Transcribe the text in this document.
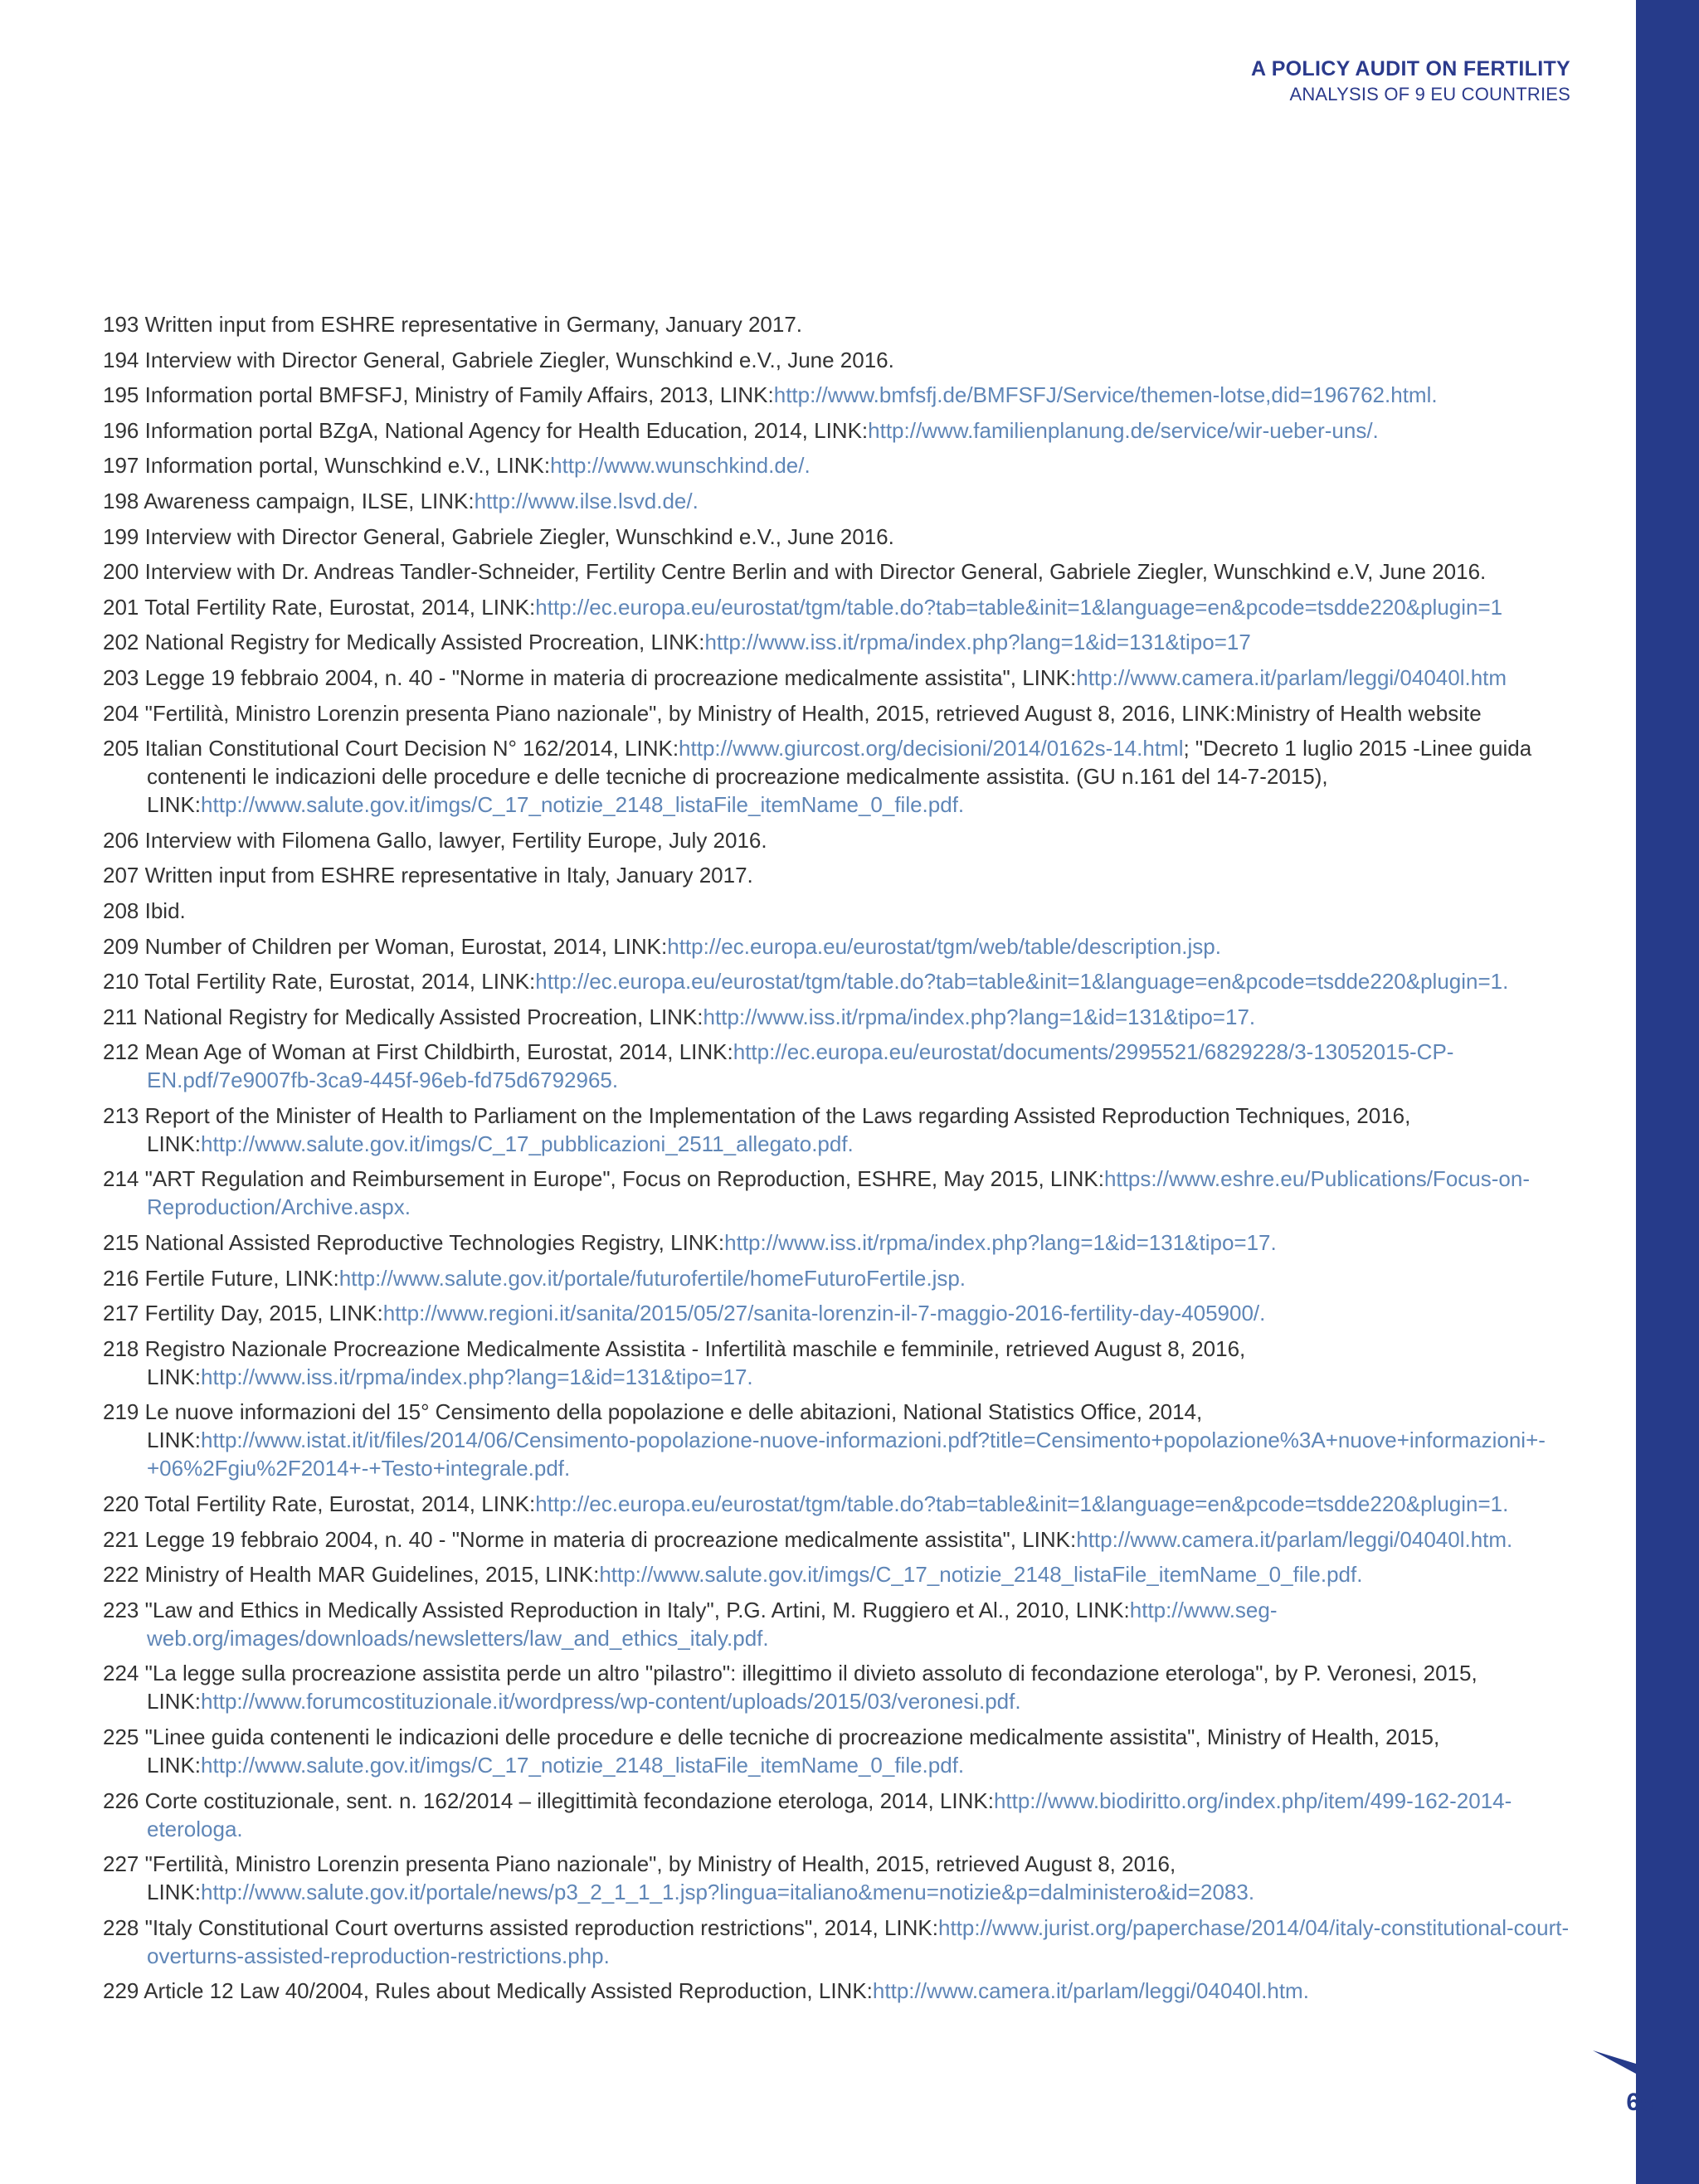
A POLICY AUDIT ON FERTILITY
ANALYSIS OF 9 EU COUNTRIES

193 Written input from ESHRE representative in Germany, January 2017.

194 Interview with Director General, Gabriele Ziegler, Wunschkind e.V., June 2016.

195 Information portal BMFSFJ, Ministry of Family Affairs, 2013, LINK:http://www.bmfsfj.de/BMFSFJ/Service/themen-lotse,did=196762.html.

196 Information portal BZgA, National Agency for Health Education, 2014, LINK:http://www.familienplanung.de/service/wir-ueber-uns/.

197 Information portal, Wunschkind e.V., LINK:http://www.wunschkind.de/.

198 Awareness campaign, ILSE, LINK:http://www.ilse.lsvd.de/.

199 Interview with Director General, Gabriele Ziegler, Wunschkind e.V., June 2016.

200 Interview with Dr. Andreas Tandler-Schneider, Fertility Centre Berlin and with Director General, Gabriele Ziegler, Wunschkind e.V, June 2016.

201 Total Fertility Rate, Eurostat, 2014, LINK:http://ec.europa.eu/eurostat/tgm/table.do?tab=table&init=1&language=en&pcode=tsdde220&plugin=1

202 National Registry for Medically Assisted Procreation, LINK:http://www.iss.it/rpma/index.php?lang=1&id=131&tipo=17

203 Legge 19 febbraio 2004, n. 40 - "Norme in materia di procreazione medicalmente assistita", LINK:http://www.camera.it/parlam/leggi/04040l.htm

204 "Fertilità, Ministro Lorenzin presenta Piano nazionale", by Ministry of Health, 2015, retrieved August 8, 2016, LINK:Ministry of Health website

205 Italian Constitutional Court Decision N° 162/2014, LINK:http://www.giurcost.org/decisioni/2014/0162s-14.html; "Decreto 1 luglio 2015 -Linee guida contenenti le indicazioni delle procedure e delle tecniche di procreazione medicalmente assistita. (GU n.161 del 14-7-2015), LINK:http://www.salute.gov.it/imgs/C_17_notizie_2148_listaFile_itemName_0_file.pdf.

206 Interview with Filomena Gallo, lawyer, Fertility Europe, July 2016.

207 Written input from ESHRE representative in Italy, January 2017.

208 Ibid.

209 Number of Children per Woman, Eurostat, 2014, LINK:http://ec.europa.eu/eurostat/tgm/web/table/description.jsp.

210 Total Fertility Rate, Eurostat, 2014, LINK:http://ec.europa.eu/eurostat/tgm/table.do?tab=table&init=1&language=en&pcode=tsdde220&plugin=1.

211 National Registry for Medically Assisted Procreation, LINK:http://www.iss.it/rpma/index.php?lang=1&id=131&tipo=17.

212 Mean Age of Woman at First Childbirth, Eurostat, 2014, LINK:http://ec.europa.eu/eurostat/documents/2995521/6829228/3-13052015-CP-EN.pdf/7e9007fb-3ca9-445f-96eb-fd75d6792965.

213 Report of the Minister of Health to Parliament on the Implementation of the Laws regarding Assisted Reproduction Techniques, 2016, LINK:http://www.salute.gov.it/imgs/C_17_pubblicazioni_2511_allegato.pdf.

214 "ART Regulation and Reimbursement in Europe", Focus on Reproduction, ESHRE, May 2015, LINK:https://www.eshre.eu/Publications/Focus-on-Reproduction/Archive.aspx.

215 National Assisted Reproductive Technologies Registry, LINK:http://www.iss.it/rpma/index.php?lang=1&id=131&tipo=17.

216 Fertile Future, LINK:http://www.salute.gov.it/portale/futurofertile/homeFuturoFertile.jsp.

217 Fertility Day, 2015, LINK:http://www.regioni.it/sanita/2015/05/27/sanita-lorenzin-il-7-maggio-2016-fertility-day-405900/.

218 Registro Nazionale Procreazione Medicalmente Assistita - Infertilità maschile e femminile, retrieved August 8, 2016, LINK:http://www.iss.it/rpma/index.php?lang=1&id=131&tipo=17.

219 Le nuove informazioni del 15° Censimento della popolazione e delle abitazioni, National Statistics Office, 2014, LINK:http://www.istat.it/it/files/2014/06/Censimento-popolazione-nuove-informazioni.pdf?title=Censimento+popolazione%3A+nuove+informazioni+-+06%2Fgiu%2F2014+-+Testo+integrale.pdf.

220 Total Fertility Rate, Eurostat, 2014, LINK:http://ec.europa.eu/eurostat/tgm/table.do?tab=table&init=1&language=en&pcode=tsdde220&plugin=1.

221 Legge 19 febbraio 2004, n. 40 - "Norme in materia di procreazione medicalmente assistita", LINK:http://www.camera.it/parlam/leggi/04040l.htm.

222 Ministry of Health MAR Guidelines, 2015, LINK:http://www.salute.gov.it/imgs/C_17_notizie_2148_listaFile_itemName_0_file.pdf.

223 "Law and Ethics in Medically Assisted Reproduction in Italy", P.G. Artini, M. Ruggiero et Al., 2010, LINK:http://www.seg-web.org/images/downloads/newsletters/law_and_ethics_italy.pdf.

224 "La legge sulla procreazione assistita perde un altro "pilastro": illegittimo il divieto assoluto di fecondazione eterologa", by P. Veronesi, 2015, LINK:http://www.forumcostituzionale.it/wordpress/wp-content/uploads/2015/03/veronesi.pdf.

225 "Linee guida contenenti le indicazioni delle procedure e delle tecniche di procreazione medicalmente assistita", Ministry of Health, 2015, LINK:http://www.salute.gov.it/imgs/C_17_notizie_2148_listaFile_itemName_0_file.pdf.

226 Corte costituzionale, sent. n. 162/2014 – illegittimità fecondazione eterologa, 2014, LINK:http://www.biodiritto.org/index.php/item/499-162-2014-eterologa.

227 "Fertilità, Ministro Lorenzin presenta Piano nazionale", by Ministry of Health, 2015, retrieved August 8, 2016, LINK:http://www.salute.gov.it/portale/news/p3_2_1_1_1.jsp?lingua=italiano&menu=notizie&p=dalministero&id=2083.

228 "Italy Constitutional Court overturns assisted reproduction restrictions", 2014, LINK:http://www.jurist.org/paperchase/2014/04/italy-constitutional-court-overturns-assisted-reproduction-restrictions.php.

229 Article 12 Law 40/2004, Rules about Medically Assisted Reproduction, LINK:http://www.camera.it/parlam/leggi/04040l.htm.

65
